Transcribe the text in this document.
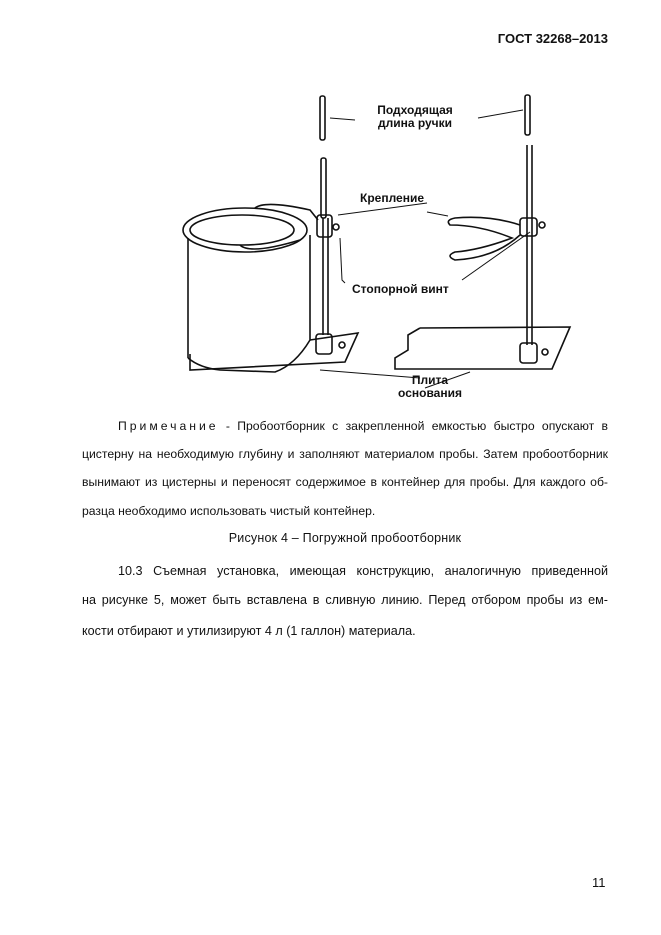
ГОСТ 32268–2013
Подходящая
длина ручки
Крепление
Стопорной винт
Плита
основания
Примечание - Пробоотборник с закрепленной емкостью быстро опускают в
цистерну на необходимую глубину и заполняют материалом пробы. Затем пробоотборник
вынимают из цистерны и переносят содержимое в контейнер для пробы. Для каждого об-
разца необходимо использовать чистый контейнер.
Рисунок 4 – Погружной пробоотборник
10.3 Съемная установка, имеющая конструкцию, аналогичную приведенной
на рисунке 5, может быть вставлена в сливную линию. Перед отбором пробы из ем-
кости отбирают и утилизируют 4 л (1 галлон) материала.
11
